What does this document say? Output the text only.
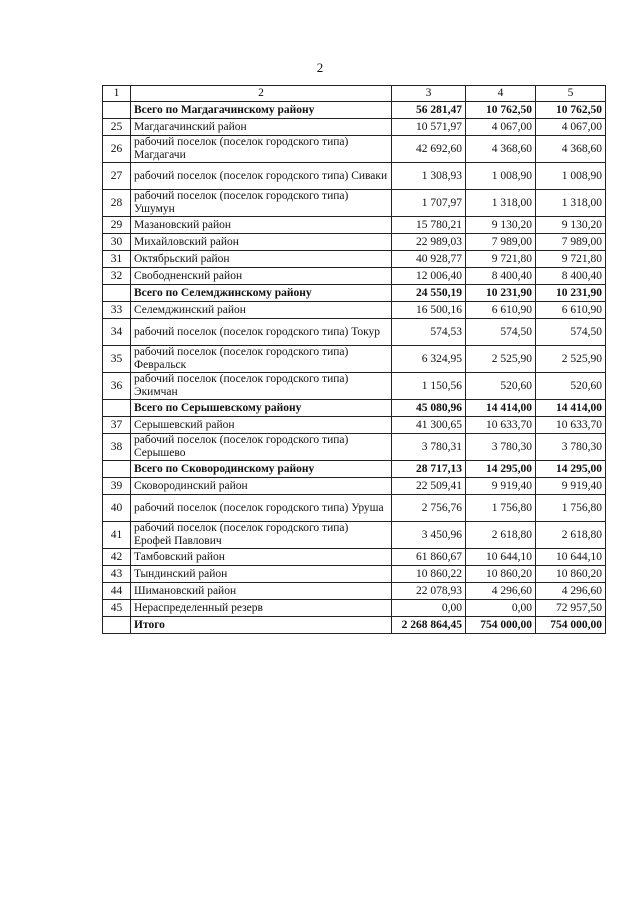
2
1	2	3	4	5
	Всего по Магдагачинскому району	56 281,47	10 762,50	10 762,50
25	Магдагачинский район	10 571,97	4 067,00	4 067,00
26	рабочий поселок (поселок городского типа) Магдагачи	42 692,60	4 368,60	4 368,60
27	рабочий поселок (поселок городского типа) Сиваки	1 308,93	1 008,90	1 008,90
28	рабочий поселок (поселок городского типа) Ушумун	1 707,97	1 318,00	1 318,00
29	Мазановский район	15 780,21	9 130,20	9 130,20
30	Михайловский район	22 989,03	7 989,00	7 989,00
31	Октябрьский район	40 928,77	9 721,80	9 721,80
32	Свободненский район	12 006,40	8 400,40	8 400,40
	Всего по Селемджинскому району	24 550,19	10 231,90	10 231,90
33	Селемджинский район	16 500,16	6 610,90	6 610,90
34	рабочий поселок (поселок городского типа) Токур	574,53	574,50	574,50
35	рабочий поселок (поселок городского типа) Февральск	6 324,95	2 525,90	2 525,90
36	рабочий поселок (поселок городского типа) Экимчан	1 150,56	520,60	520,60
	Всего по Серышевскому району	45 080,96	14 414,00	14 414,00
37	Серышевский район	41 300,65	10 633,70	10 633,70
38	рабочий поселок (поселок городского типа) Серышево	3 780,31	3 780,30	3 780,30
	Всего по Сковородинскому району	28 717,13	14 295,00	14 295,00
39	Сковородинский район	22 509,41	9 919,40	9 919,40
40	рабочий поселок (поселок городского типа) Уруша	2 756,76	1 756,80	1 756,80
41	рабочий поселок (поселок городского типа) Ерофей Павлович	3 450,96	2 618,80	2 618,80
42	Тамбовский район	61 860,67	10 644,10	10 644,10
43	Тындинский район	10 860,22	10 860,20	10 860,20
44	Шимановский район	22 078,93	4 296,60	4 296,60
45	Нераспределенный резерв	0,00	0,00	72 957,50
	Итого	2 268 864,45	754 000,00	754 000,00
